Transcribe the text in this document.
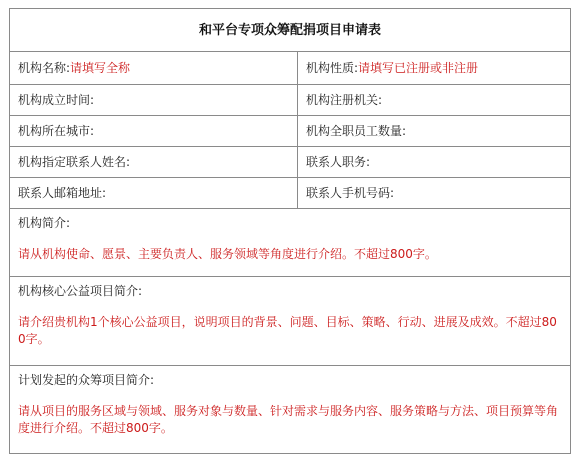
和平台专项众筹配捐项目申请表	
机构名称:请填写全称	机构性质:请填写已注册或非注册
机构成立时间:	机构注册机关:
机构所在城市:	机构全职员工数量:
机构指定联系人姓名:	联系人职务:
联系人邮箱地址:	联系人手机号码:

机构简介:
请从机构使命、愿景、主要负责人、服务领域等角度进行介绍。不超过800字。	

机构核心公益项目简介:
请介绍贵机构1个核心公益项目，说明项目的背景、问题、目标、策略、行动、进展及成效。不超过800字。	

计划发起的众筹项目简介:
请从项目的服务区域与领域、服务对象与数量、针对需求与服务内容、服务策略与方法、项目预算等角度进行介绍。不超过800字。	
